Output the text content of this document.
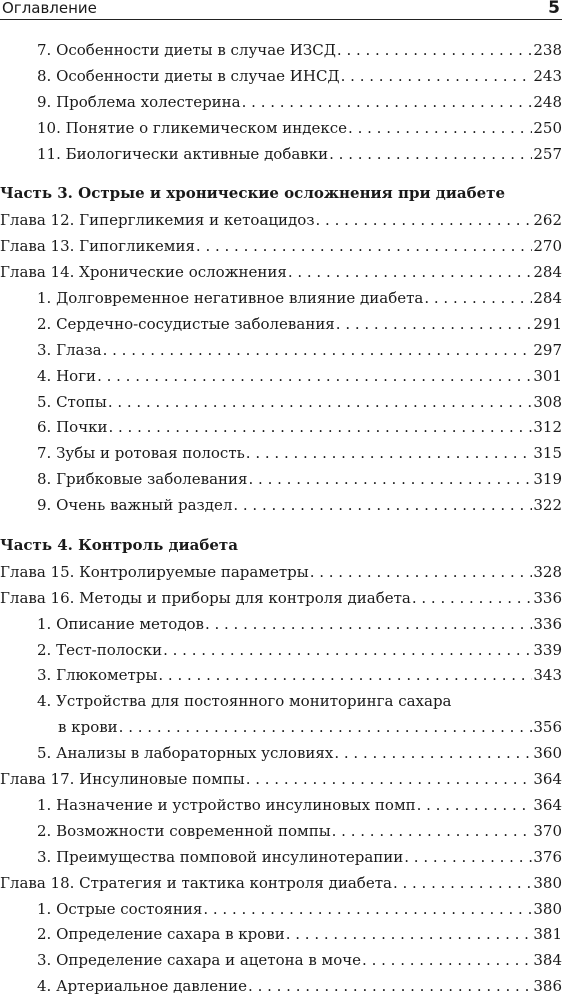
Оглавление	5
7. Особенности диеты в случае ИЗСД . . .	238
8. Особенности диеты в случае ИНСД . . .	243
9. Проблема холестерина . . .	248
10. Понятие о гликемическом индексе . . .	250
11. Биологически активные добавки . . .	257
Часть 3. Острые и хронические осложнения при диабете
Глава 12. Гипергликемия и кетоацидоз . . .	262
Глава 13. Гипогликемия . . .	270
Глава 14. Хронические осложнения . . .	284
1. Долговременное негативное влияние диабета . . .	284
2. Сердечно-сосудистые заболевания . . .	291
3. Глаза . . .	297
4. Ноги . . .	301
5. Стопы . . .	308
6. Почки . . .	312
7. Зубы и ротовая полость . . .	315
8. Грибковые заболевания . . .	319
9. Очень важный раздел . . .	322
Часть 4. Контроль диабета
Глава 15. Контролируемые параметры . . .	328
Глава 16. Методы и приборы для контроля диабета . . .	336
1. Описание методов . . .	336
2. Тест-полоски . . .	339
3. Глюкометры . . .	343
4. Устройства для постоянного мониторинга сахара
в крови . . .	356
5. Анализы в лабораторных условиях . . .	360
Глава 17. Инсулиновые помпы . . .	364
1. Назначение и устройство инсулиновых помп . . .	364
2. Возможности современной помпы . . .	370
3. Преимущества помповой инсулинотерапии . . .	376
Глава 18. Стратегия и тактика контроля диабета . . .	380
1. Острые состояния . . .	380
2. Определение сахара в крови . . .	381
3. Определение сахара и ацетона в моче . . .	384
4. Артериальное давление . . .	386
